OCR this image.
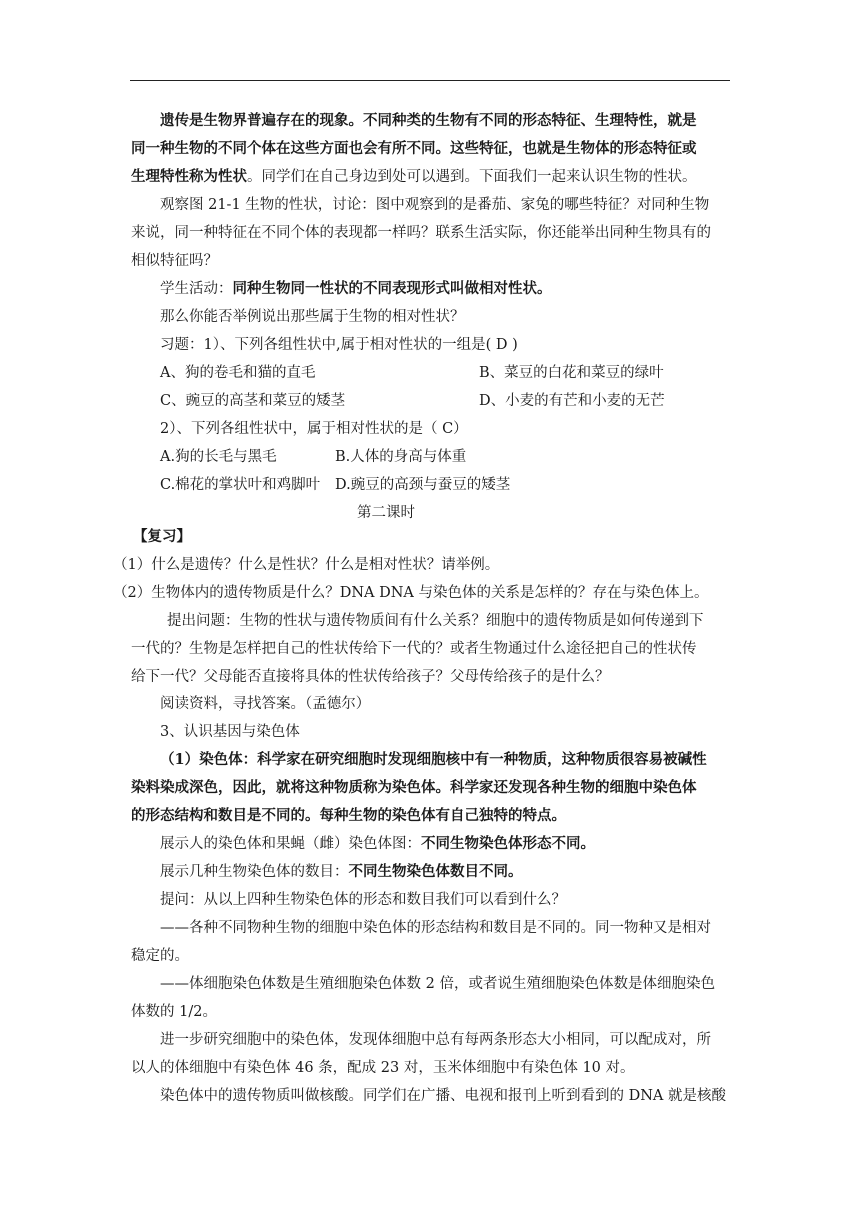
遗传是生物界普遍存在的现象。不同种类的生物有不同的形态特征、生理特性，就是
同一种生物的不同个体在这些方面也会有所不同。这些特征，也就是生物体的形态特征或
生理特性称为性状。同学们在自己身边到处可以遇到。下面我们一起来认识生物的性状。
观察图 21-1 生物的性状，讨论：图中观察到的是番茄、家兔的哪些特征？对同种生物
来说，同一种特征在不同个体的表现都一样吗？联系生活实际，你还能举出同种生物具有的
相似特征吗？
学生活动：同种生物同一性状的不同表现形式叫做相对性状。
那么你能否举例说出那些属于生物的相对性状？
习题：1）、下列各组性状中,属于相对性状的一组是( D )
A、狗的卷毛和猫的直毛	B、菜豆的白花和菜豆的绿叶
C、豌豆的高茎和菜豆的矮茎	D、小麦的有芒和小麦的无芒
2）、下列各组性状中，属于相对性状的是（ C）
A.狗的长毛与黑毛	B.人体的身高与体重
C.棉花的掌状叶和鸡脚叶 D.豌豆的高颈与蚕豆的矮茎
第二课时
【复习】
（1）什么是遗传？什么是性状？什么是相对性状？请举例。
（2）生物体内的遗传物质是什么？DNA DNA 与染色体的关系是怎样的？存在与染色体上。
提出问题：生物的性状与遗传物质间有什么关系？细胞中的遗传物质是如何传递到下
一代的？生物是怎样把自己的性状传给下一代的？或者生物通过什么途径把自己的性状传
给下一代？父母能否直接将具体的性状传给孩子？父母传给孩子的是什么？
阅读资料，寻找答案。（孟德尔）
3、认识基因与染色体
（1）染色体：科学家在研究细胞时发现细胞核中有一种物质，这种物质很容易被碱性
染料染成深色，因此，就将这种物质称为染色体。科学家还发现各种生物的细胞中染色体
的形态结构和数目是不同的。每种生物的染色体有自己独特的特点。
展示人的染色体和果蝇（雌）染色体图：不同生物染色体形态不同。
展示几种生物染色体的数目：不同生物染色体数目不同。
提问：从以上四种生物染色体的形态和数目我们可以看到什么？
——各种不同物种生物的细胞中染色体的形态结构和数目是不同的。同一物种又是相对
稳定的。
——体细胞染色体数是生殖细胞染色体数 2 倍，或者说生殖细胞染色体数是体细胞染色
体数的 1/2。
进一步研究细胞中的染色体，发现体细胞中总有每两条形态大小相同，可以配成对，所
以人的体细胞中有染色体 46 条，配成 23 对，玉米体细胞中有染色体 10 对。
染色体中的遗传物质叫做核酸。同学们在广播、电视和报刊上听到看到的 DNA 就是核酸
